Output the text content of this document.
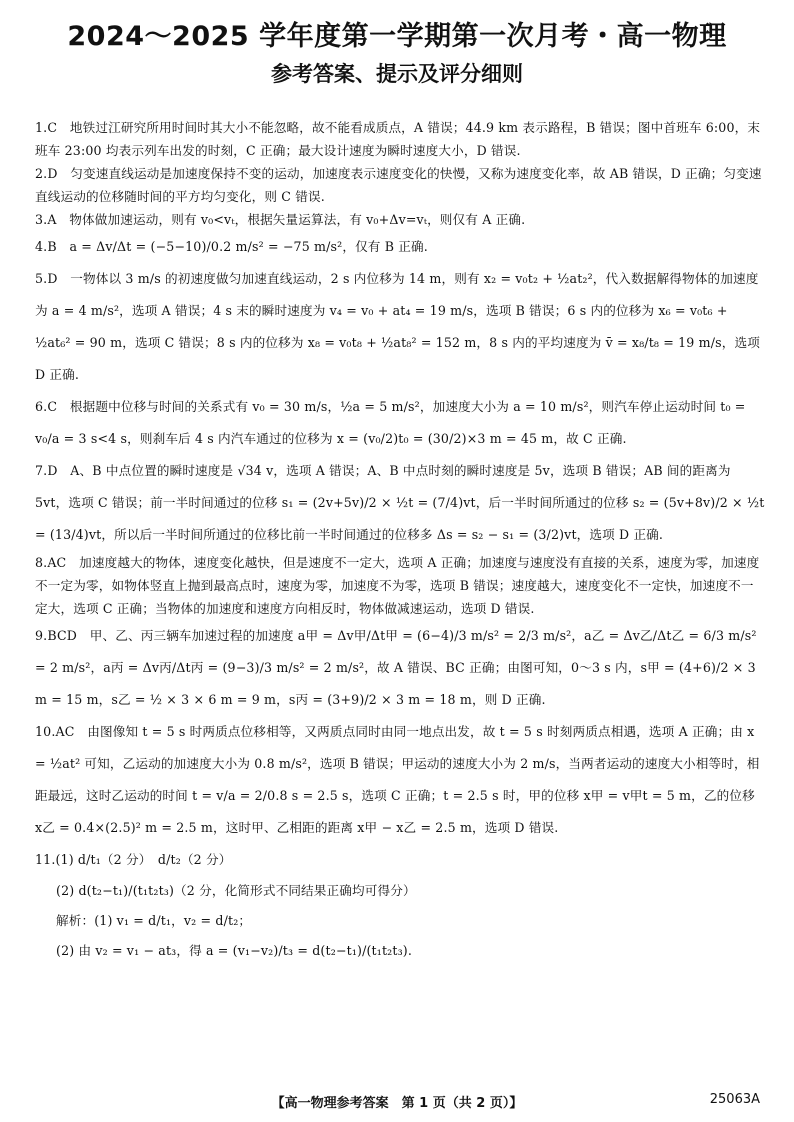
2024～2025 学年度第一学期第一次月考・高一物理
参考答案、提示及评分细则

1.C　地铁过江研究所用时间时其大小不能忽略，故不能看成质点，A 错误；44.9 km 表示路程，B 错误；图中首班车 6:00，末班车 23:00 均表示列车出发的时刻，C 正确；最大设计速度为瞬时速度大小，D 错误.

2.D　匀变速直线运动是加速度保持不变的运动，加速度表示速度变化的快慢，又称为速度变化率，故 AB 错误，D 正确；匀变速直线运动的位移随时间的平方均匀变化，则 C 错误.

3.A　物体做加速运动，则有 v₀<vₜ，根据矢量运算法，有 v₀+Δv=vₜ，则仅有 A 正确.

4.B　a = Δv/Δt = (−5−10)/0.2 m/s² = −75 m/s²，仅有 B 正确.

5.D　一物体以 3 m/s 的初速度做匀加速直线运动，2 s 内位移为 14 m，则有 x₂ = v₀t₂ + ½at₂²，代入数据解得物体的加速度为 a = 4 m/s²，选项 A 错误；4 s 末的瞬时速度为 v₄ = v₀ + at₄ = 19 m/s，选项 B 错误；6 s 内的位移为 x₆ = v₀t₆ + ½at₆² = 90 m，选项 C 错误；8 s 内的位移为 x₈ = v₀t₈ + ½at₈² = 152 m，8 s 内的平均速度为 v̄ = x₈/t₈ = 19 m/s，选项 D 正确.

6.C　根据题中位移与时间的关系式有 v₀ = 30 m/s，½a = 5 m/s²，加速度大小为 a = 10 m/s²，则汽车停止运动时间 t₀ = v₀/a = 3 s<4 s，则刹车后 4 s 内汽车通过的位移为 x = (v₀/2)t₀ = (30/2)×3 m = 45 m，故 C 正确.

7.D　A、B 中点位置的瞬时速度是 √34 v，选项 A 错误；A、B 中点时刻的瞬时速度是 5v，选项 B 错误；AB 间的距离为 5vt，选项 C 错误；前一半时间通过的位移 s₁ = (2v+5v)/2 × ½t = (7/4)vt，后一半时间所通过的位移 s₂ = (5v+8v)/2 × ½t = (13/4)vt，所以后一半时间所通过的位移比前一半时间通过的位移多 Δs = s₂ − s₁ = (3/2)vt，选项 D 正确.

8.AC　加速度越大的物体，速度变化越快，但是速度不一定大，选项 A 正确；加速度与速度没有直接的关系，速度为零，加速度不一定为零，如物体竖直上抛到最高点时，速度为零，加速度不为零，选项 B 错误；速度越大，速度变化不一定快，加速度不一定大，选项 C 正确；当物体的加速度和速度方向相反时，物体做减速运动，选项 D 错误.

9.BCD　甲、乙、丙三辆车加速过程的加速度 a甲 = Δv甲/Δt甲 = (6−4)/3 m/s² = 2/3 m/s²，a乙 = Δv乙/Δt乙 = 6/3 m/s² = 2 m/s²，a丙 = Δv丙/Δt丙 = (9−3)/3 m/s² = 2 m/s²，故 A 错误、BC 正确；由图可知，0～3 s 内，s甲 = (4+6)/2 × 3 m = 15 m，s乙 = ½ × 3 × 6 m = 9 m，s丙 = (3+9)/2 × 3 m = 18 m，则 D 正确.

10.AC　由图像知 t = 5 s 时两质点位移相等，又两质点同时由同一地点出发，故 t = 5 s 时刻两质点相遇，选项 A 正确；由 x = ½at² 可知，乙运动的加速度大小为 0.8 m/s²，选项 B 错误；甲运动的速度大小为 2 m/s，当两者运动的速度大小相等时，相距最远，这时乙运动的时间 t = v/a = 2/0.8 s = 2.5 s，选项 C 正确；t = 2.5 s 时，甲的位移 x甲 = v甲t = 5 m，乙的位移 x乙 = 0.4×(2.5)² m = 2.5 m，这时甲、乙相距的距离 x甲 − x乙 = 2.5 m，选项 D 错误.

11.(1) d/t₁（2 分）　d/t₂（2 分）

(2) d(t₂−t₁)/(t₁t₂t₃)（2 分，化简形式不同结果正确均可得分）

解析：(1) v₁ = d/t₁，v₂ = d/t₂；

(2) 由 v₂ = v₁ − at₃，得 a = (v₁−v₂)/t₃ = d(t₂−t₁)/(t₁t₂t₃).

【高一物理参考答案　第 1 页（共 2 页）】	25063A
